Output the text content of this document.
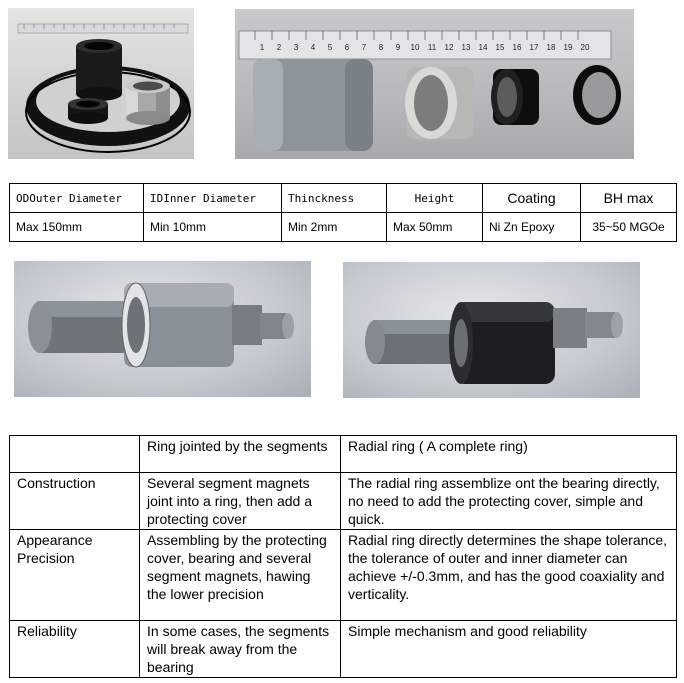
1 2 3 4 5 6 7 8 9 10 11 12 13 14 15 16 17 18 19 20
ODOuter Diameter	IDInner Diameter	Thinckness	Height	Coating	BH max
Max 150mm	Min 10mm	Min 2mm	Max 50mm	Ni Zn Epoxy	35~50 MGOe
	Ring jointed by the segments	Radial ring ( A complete ring)
Construction	Several segment magnets joint into a ring, then add a protecting cover	The radial ring assemblize ont the bearing directly, no need to add the protecting cover, simple and quick.
Appearance Precision	Assembling by the protecting cover, bearing and several segment magnets, hawing the lower precision	Radial ring directly determines the shape tolerance, the tolerance of outer and inner diameter can achieve +/-0.3mm, and has the good coaxiality and verticality.
Reliability	In some cases, the segments will break away from the bearing	Simple mechanism and good reliability
